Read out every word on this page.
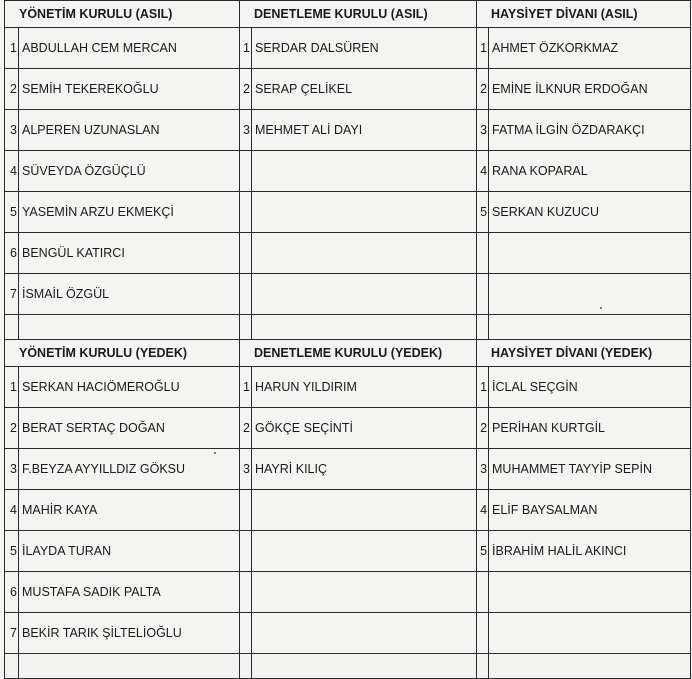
YÖNETİM KURULU (ASIL)		DENETLEME KURULU (ASIL)		HAYSİYET DİVANI (ASIL)	
1	ABDULLAH CEM MERCAN	1	SERDAR DALSÜREN	1	AHMET ÖZKORKMAZ
2	SEMİH TEKEREKOĞLU	2	SERAP ÇELİKEL	2	EMİNE İLKNUR ERDOĞAN
3	ALPEREN UZUNASLAN	3	MEHMET ALİ DAYI	3	FATMA İLGİN ÖZDARAKÇI
4	SÜVEYDA ÖZGÜÇLÜ			4	RANA KOPARAL
5	YASEMİN ARZU EKMEKÇİ			5	SERKAN KUZUCU
6	BENGÜL KATIRCI				
7	İSMAİL ÖZGÜL				

YÖNETİM KURULU (YEDEK)		DENETLEME KURULU (YEDEK)		HAYSİYET DİVANI (YEDEK)	
1	SERKAN HACIÖMEROĞLU	1	HARUN YILDIRIM	1	İCLAL SEÇGİN
2	BERAT SERTAÇ DOĞAN	2	GÖKÇE SEÇİNTİ	2	PERİHAN KURTGİL
3	F.BEYZA AYYILLDIZ GÖKSU	3	HAYRİ KILIÇ	3	MUHAMMET TAYYİP SEPİN
4	MAHİR KAYA			4	ELİF BAYSALMAN
5	İLAYDA TURAN			5	İBRAHİM HALİL AKINCI
6	MUSTAFA SADIK PALTA				
7	BEKİR TARIK ŞİLTELİOĞLU				
